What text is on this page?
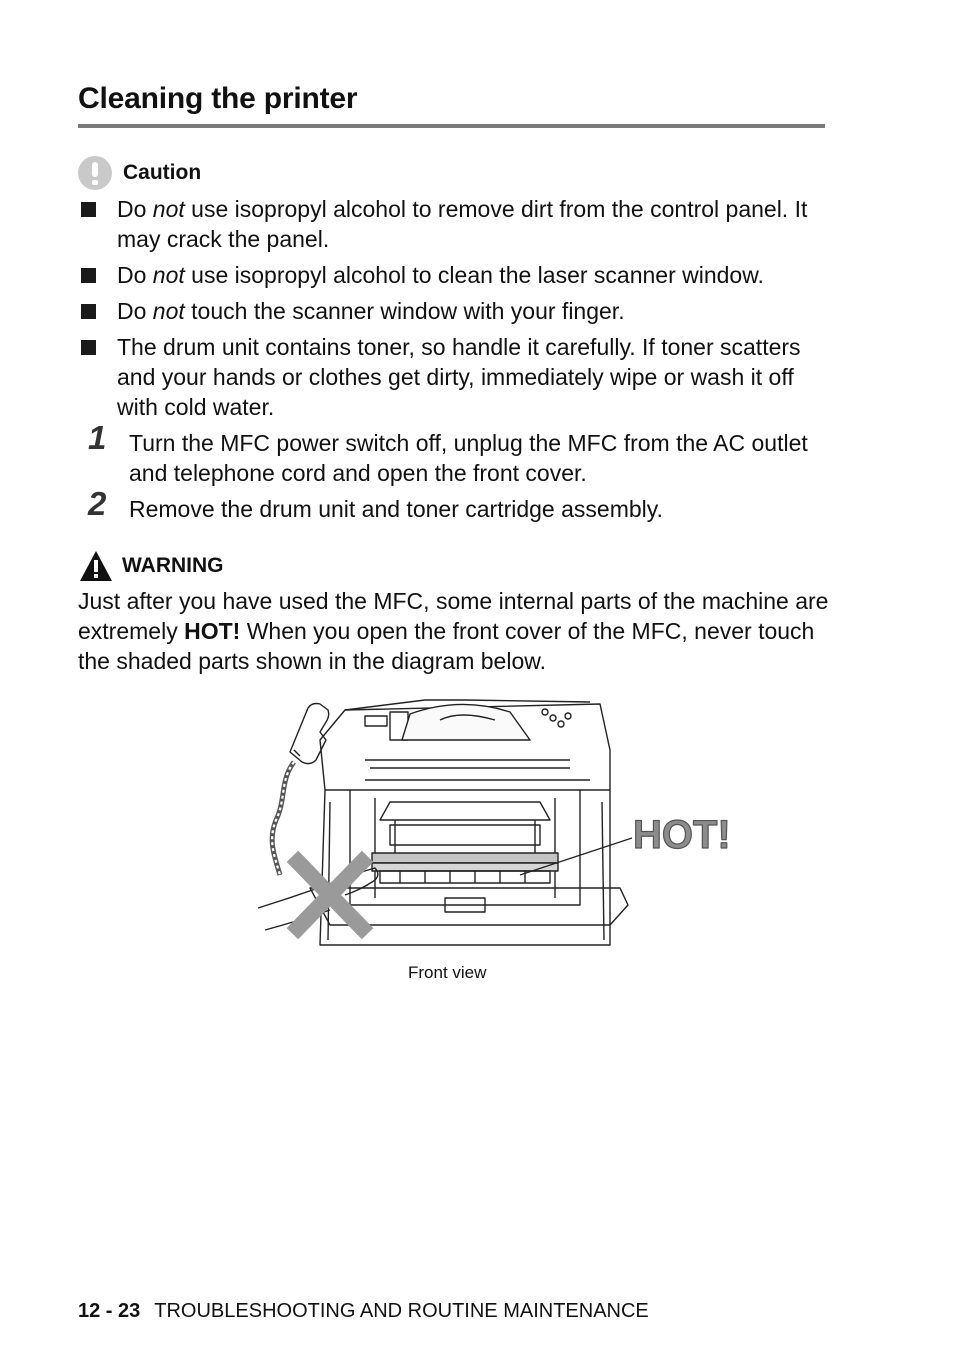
Cleaning the printer
Caution
Do not use isopropyl alcohol to remove dirt from the control panel. It may crack the panel.
Do not use isopropyl alcohol to clean the laser scanner window.
Do not touch the scanner window with your finger.
The drum unit contains toner, so handle it carefully. If toner scatters and your hands or clothes get dirty, immediately wipe or wash it off with cold water.
1 Turn the MFC power switch off, unplug the MFC from the AC outlet and telephone cord and open the front cover.
2 Remove the drum unit and toner cartridge assembly.
WARNING
Just after you have used the MFC, some internal parts of the machine are extremely HOT! When you open the front cover of the MFC, never touch the shaded parts shown in the diagram below.
HOT!
Front view
12 - 23 TROUBLESHOOTING AND ROUTINE MAINTENANCE
